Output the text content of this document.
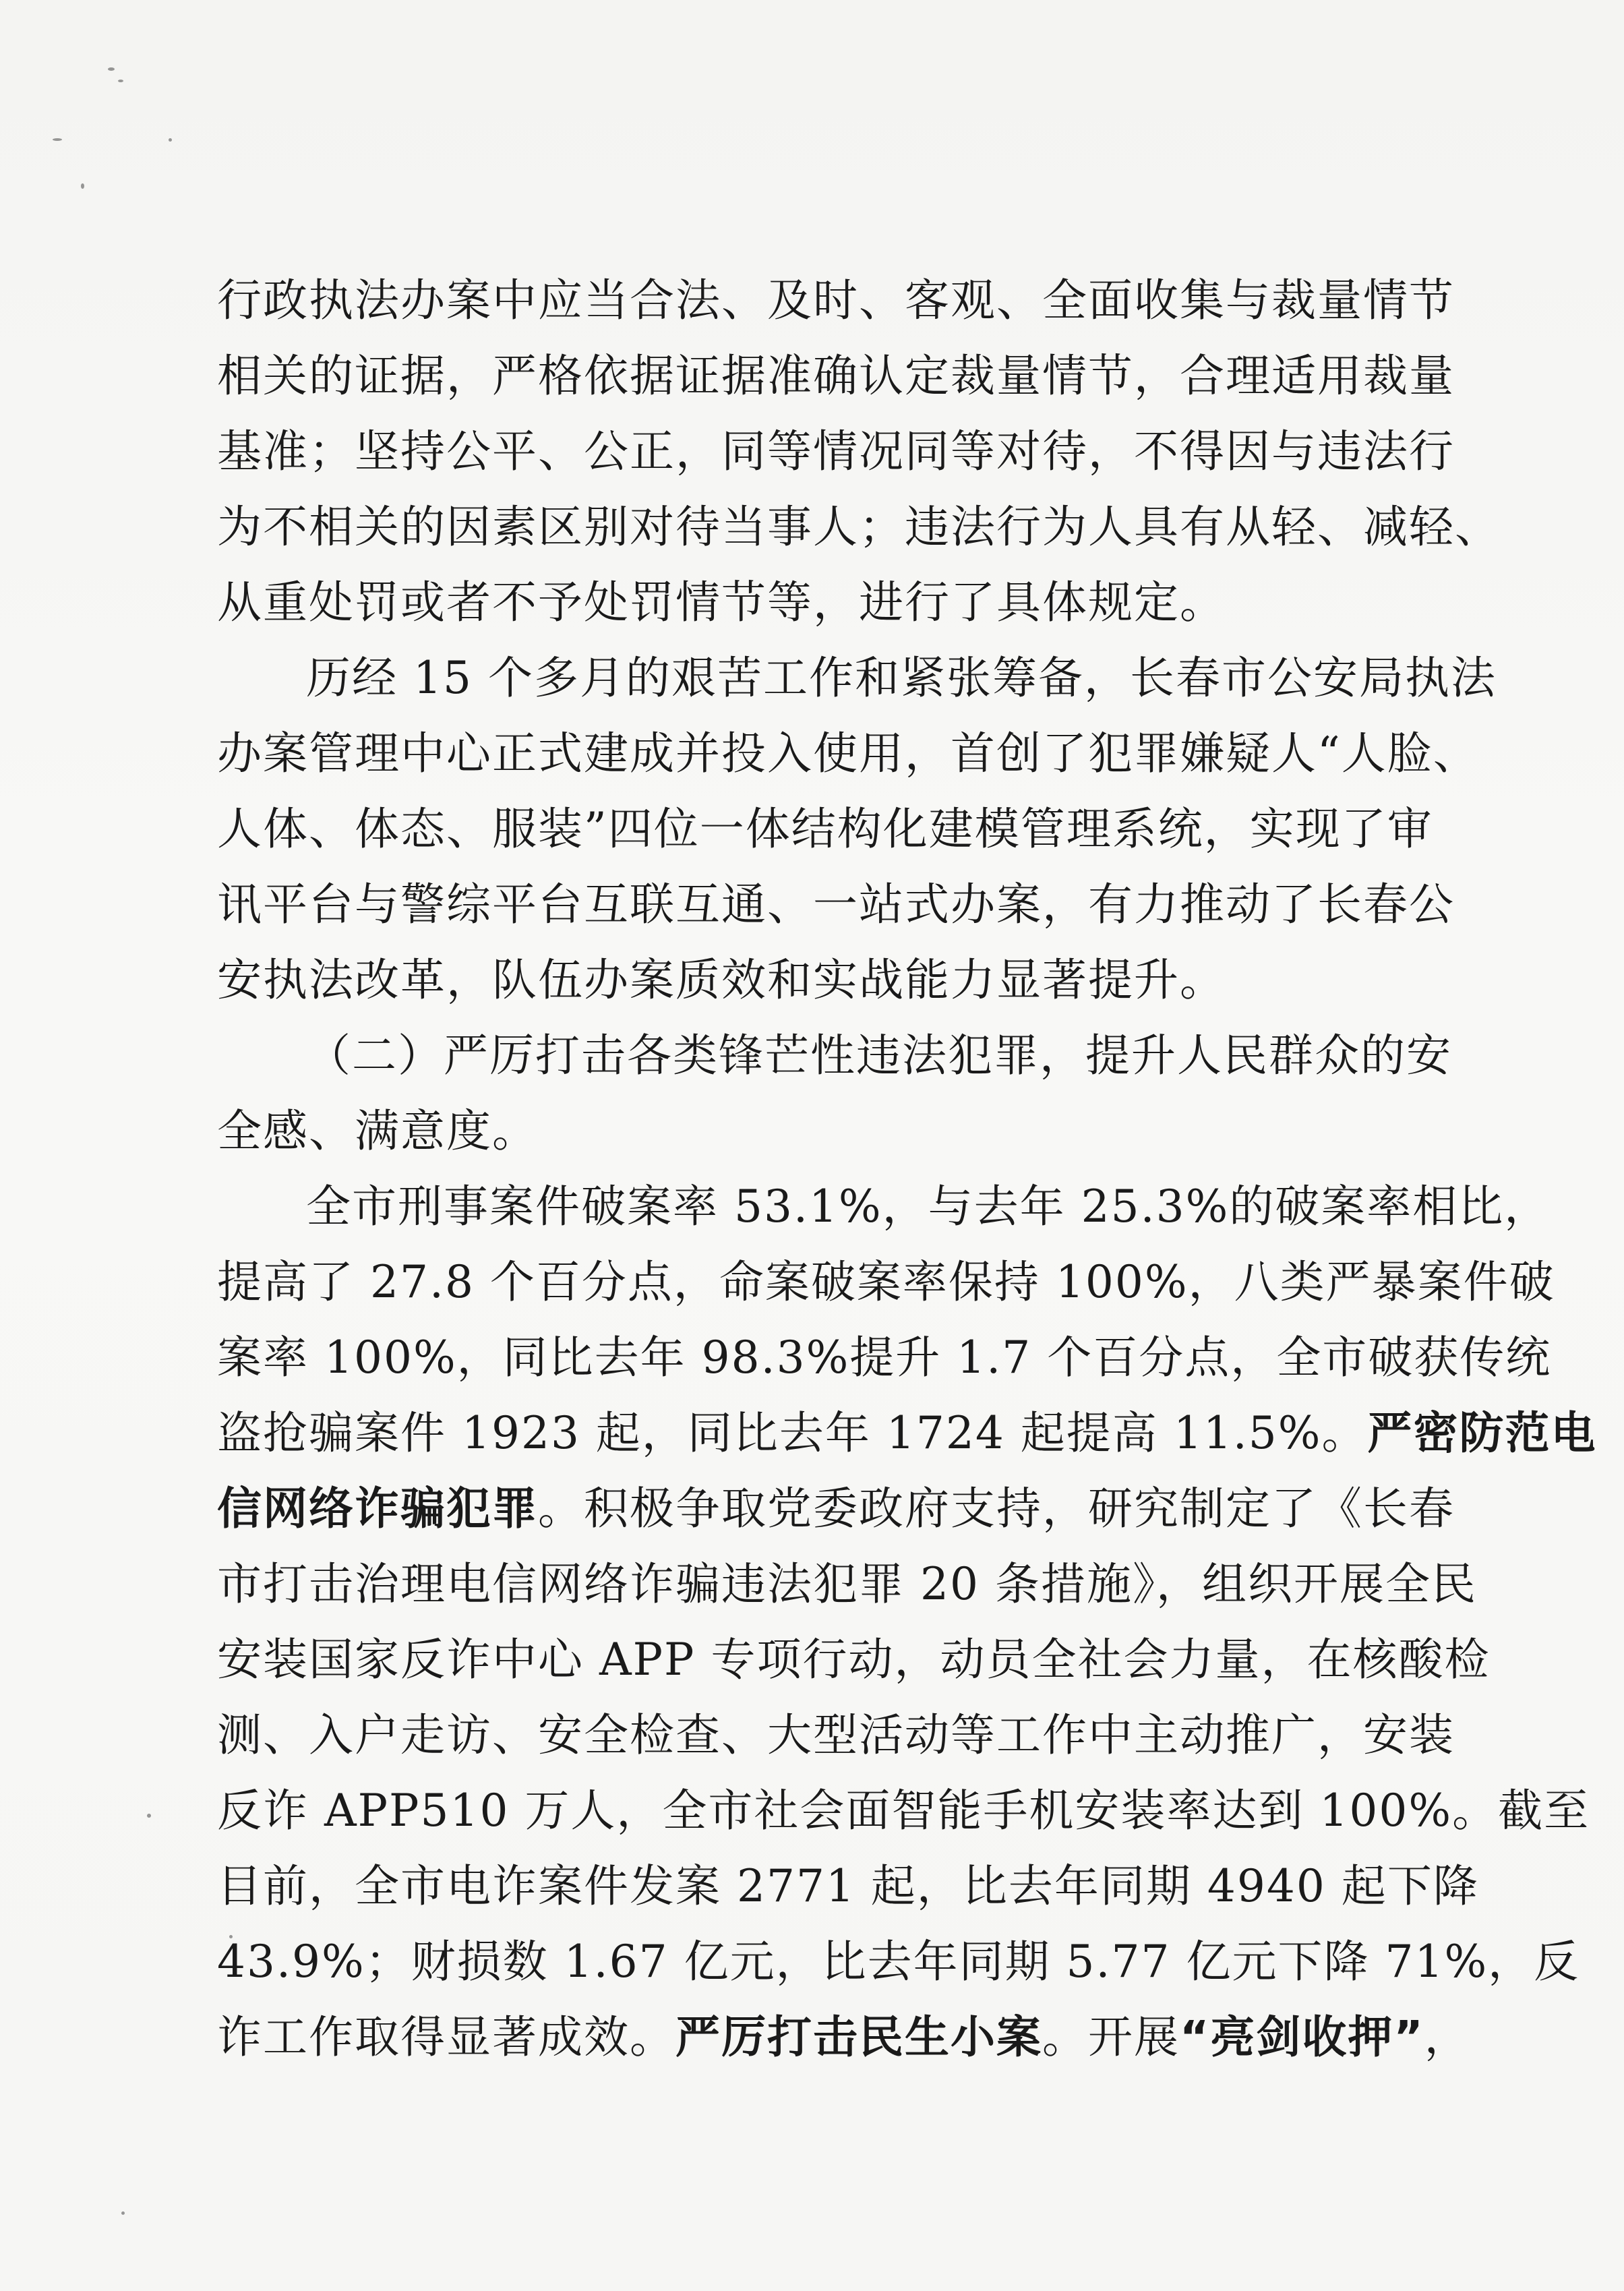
行政执法办案中应当合法、及时、客观、全面收集与裁量情节
相关的证据，严格依据证据准确认定裁量情节，合理适用裁量
基准；坚持公平、公正，同等情况同等对待，不得因与违法行
为不相关的因素区别对待当事人；违法行为人具有从轻、减轻、
从重处罚或者不予处罚情节等，进行了具体规定。
历经 15 个多月的艰苦工作和紧张筹备，长春市公安局执法
办案管理中心正式建成并投入使用，首创了犯罪嫌疑人“人脸、
人体、体态、服装”四位一体结构化建模管理系统，实现了审
讯平台与警综平台互联互通、一站式办案，有力推动了长春公
安执法改革，队伍办案质效和实战能力显著提升。
（二）严厉打击各类锋芒性违法犯罪，提升人民群众的安
全感、满意度。
全市刑事案件破案率 53.1%，与去年 25.3%的破案率相比，
提高了 27.8 个百分点，命案破案率保持 100%，八类严暴案件破
案率 100%，同比去年 98.3%提升 1.7 个百分点，全市破获传统
盗抢骗案件 1923 起，同比去年 1724 起提高 11.5%。严密防范电
信网络诈骗犯罪。积极争取党委政府支持，研究制定了《长春
市打击治理电信网络诈骗违法犯罪 20 条措施》，组织开展全民
安装国家反诈中心 APP 专项行动，动员全社会力量，在核酸检
测、入户走访、安全检查、大型活动等工作中主动推广，安装
反诈 APP510 万人，全市社会面智能手机安装率达到 100%。截至
目前，全市电诈案件发案 2771 起，比去年同期 4940 起下降
43.9%；财损数 1.67 亿元，比去年同期 5.77 亿元下降 71%，反
诈工作取得显著成效。严厉打击民生小案。开展“亮剑收押”，
